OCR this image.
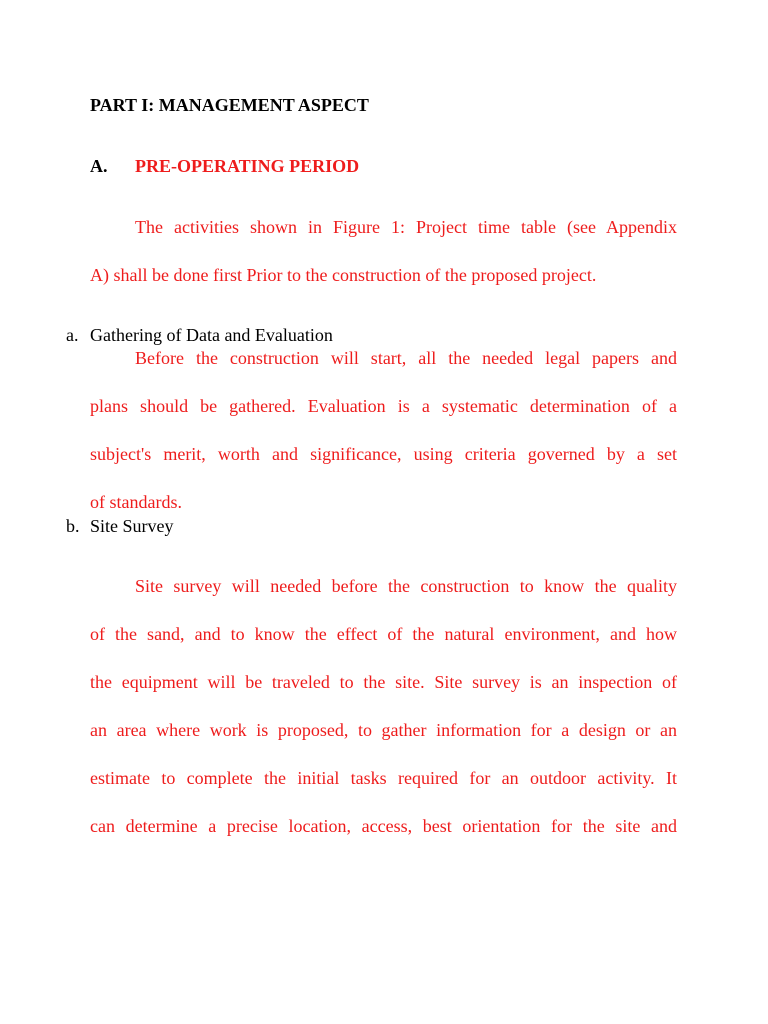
PART I: MANAGEMENT ASPECT
A. PRE-OPERATING PERIOD
The activities shown in Figure 1: Project time table (see Appendix
A) shall be done first Prior to the construction of the proposed project.
a. Gathering of Data and Evaluation
Before the construction will start, all the needed legal papers and
plans should be gathered. Evaluation is a systematic determination of a
subject's merit, worth and significance, using criteria governed by a set
of standards.
b. Site Survey
Site survey will needed before the construction to know the quality
of the sand, and to know the effect of the natural environment, and how
the equipment will be traveled to the site. Site survey is an inspection of
an area where work is proposed, to gather information for a design or an
estimate to complete the initial tasks required for an outdoor activity. It
can determine a precise location, access, best orientation for the site and
